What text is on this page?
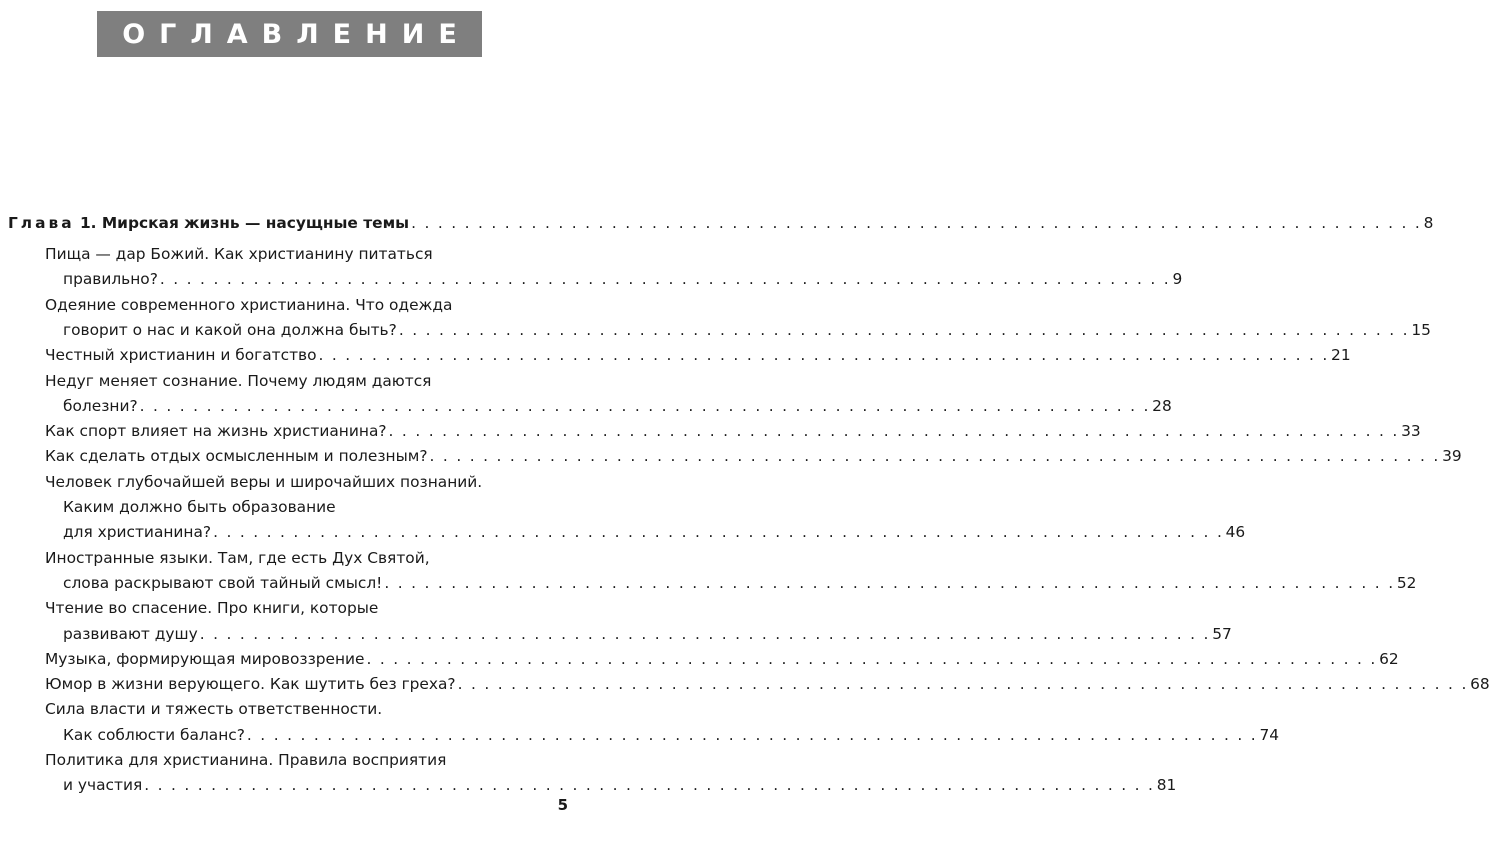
ОГЛАВЛЕНИЕ
Глава 1. Мирская жизнь — насущные темы . . .	8
Пища — дар Божий. Как христианину питаться
правильно? . . .	9
Одеяние современного христианина. Что одежда
говорит о нас и какой она должна быть? . . .	15
Честный христианин и богатство . . .	21
Недуг меняет сознание. Почему людям даются
болезни? . . .	28
Как спорт влияет на жизнь христианина? . . .	33
Как сделать отдых осмысленным и полезным? . . .	39
Человек глубочайшей веры и широчайших познаний.
Каким должно быть образование
для христианина? . . .	46
Иностранные языки. Там, где есть Дух Святой,
слова раскрывают свой тайный смысл! . . .	52
Чтение во спасение. Про книги, которые
развивают душу . . .	57
Музыка, формирующая мировоззрение . . .	62
Юмор в жизни верующего. Как шутить без греха? . . .	68
Сила власти и тяжесть ответственности.
Как соблюсти баланс? . . .	74
Политика для христианина. Правила восприятия
и участия . . .	81
5
